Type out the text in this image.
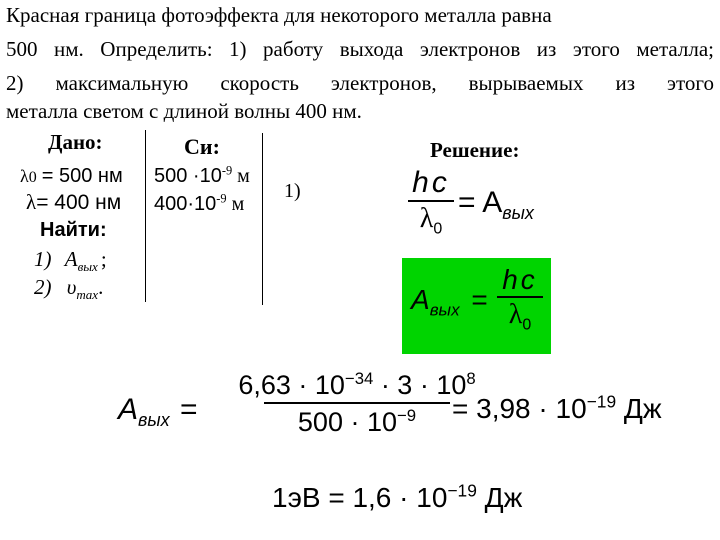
Красная граница фотоэффекта для некоторого металла равна
500 нм. Определить: 1) работу выхода электронов из этого металла;
2) максимальную скорость электронов, вырываемых из этого
металла светом с длиной волны 400 нм.
Дано:
λ0 = 500 нм
λ= 400 нм
Найти:
1) $A_{вых}$ ;
2) $\upsilon_{max}$.
Си:
$500 \cdot 10^{-9}$ м
$400\cdot 10^{-9}$ м
Решение:
1)	hc
$\lambda_0$
= $A_{вых}$
$A_{вых}$ =
hc
$\lambda_0$
$A_{вых}$ =
$6,63 \cdot 10^{-34} \cdot 3 \cdot 10^8$
$500 \cdot 10^{-9} = 3,98 \cdot 10^{-19}$ Дж
$1эВ = 1,6 \cdot 10^{-19}$ Дж
